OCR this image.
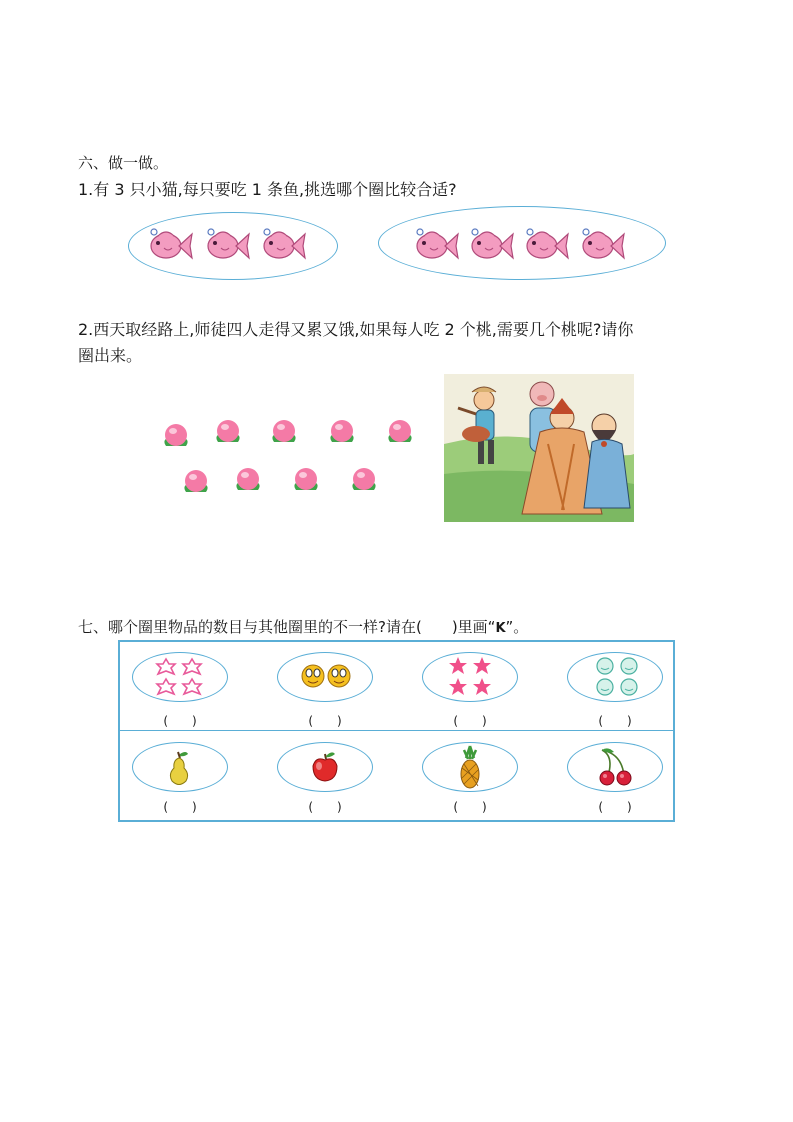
六、做一做。
1.有 3 只小猫,每只要吃 1 条鱼,挑选哪个圈比较合适?
2.西天取经路上,师徒四人走得又累又饿,如果每人吃 2 个桃,需要几个桃呢?请你
圈出来。
七、哪个圈里物品的数目与其他圈里的不一样?请在(　　)里画“K”。
(　　)	(　　)	(　　)	(　　)
(　　)	(　　)	(　　)	(　　)
